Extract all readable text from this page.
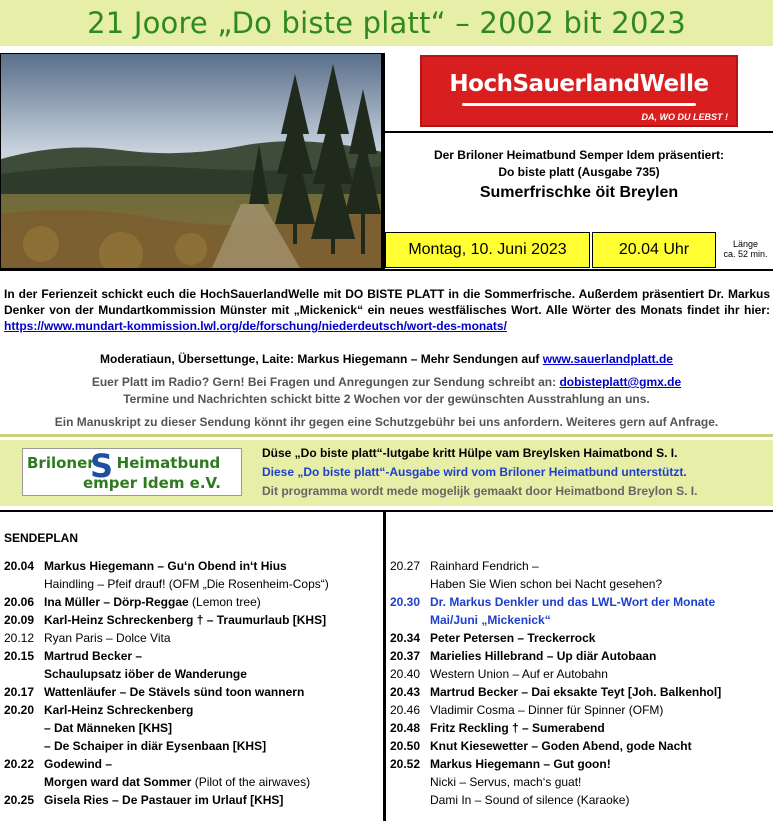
21 Joore „Do biste platt“ – 2002 bit 2023
HochSauerlandWelle
DA, WO DU LEBST !
Der Briloner Heimatbund Semper Idem präsentiert:
Do biste platt (Ausgabe 735)
Sumerfrischke öit Breylen
Montag, 10. Juni 2023	20.04 Uhr	Länge
ca. 52 min.
In der Ferienzeit schickt euch die HochSauerlandWelle mit DO BISTE PLATT in die Sommerfrische. Außerdem präsentiert Dr. Markus Denker von der Mundartkommission Münster mit „Mickenick“ ein neues westfälisches Wort. Alle Wörter des Monats findet ihr hier: https://www.mundart-kommission.lwl.org/de/forschung/niederdeutsch/wort-des-monats/
Moderatiaun, Übersettunge, Laite: Markus Hiegemann – Mehr Sendungen auf www.sauerlandplatt.de
Euer Platt im Radio? Gern! Bei Fragen und Anregungen zur Sendung schreibt an: dobisteplatt@gmx.de
Termine und Nachrichten schickt bitte 2 Wochen vor der gewünschten Ausstrahlung an uns.
Ein Manuskript zu dieser Sendung könnt ihr gegen eine Schutzgebühr bei uns anfordern. Weiteres gern auf Anfrage.
Briloner Heimatbund
S
emper Idem e.V.
Düse „Do biste platt“-lutgabe kritt Hülpe vam Breylsken Haimatbond S. I.
Diese „Do biste platt“-Ausgabe wird vom Briloner Heimatbund unterstützt.
Dit programma wordt mede mogelijk gemaakt door Heimatbond Breylon S. I.
SENDEPLAN
20.04 Markus Hiegemann – Gu‘n Obend in‘t Hius
Haindling – Pfeif drauf! (OFM „Die Rosenheim-Cops“)
20.06 Ina Müller – Dörp-Reggae (Lemon tree)
20.09 Karl-Heinz Schreckenberg † – Traumurlaub [KHS]
20.12 Ryan Paris – Dolce Vita
20.15 Martrud Becker –
Schaulupsatz iöber de Wanderunge
20.17 Wattenläufer – De Stävels sünd toon wannern
20.20 Karl-Heinz Schreckenberg
– Dat Männeken [KHS]
– De Schaiper in diär Eysenbaan [KHS]
20.22 Godewind –
Morgen ward dat Sommer (Pilot of the airwaves)
20.25 Gisela Ries – De Pastauer im Urlauf [KHS]
20.27 Rainhard Fendrich –
Haben Sie Wien schon bei Nacht gesehen?
20.30 Dr. Markus Denkler und das LWL-Wort der Monate
Mai/Juni „Mickenick“
20.34 Peter Petersen – Treckerrock
20.37 Marielies Hillebrand – Up diär Autobaan
20.40 Western Union – Auf er Autobahn
20.43 Martrud Becker – Dai eksakte Teyt [Joh. Balkenhol]
20.46 Vladimir Cosma – Dinner für Spinner (OFM)
20.48 Fritz Reckling † – Sumerabend
20.50 Knut Kiesewetter – Goden Abend, gode Nacht
20.52 Markus Hiegemann – Gut goon!
Nicki – Servus, mach‘s guat!
Dami In – Sound of silence (Karaoke)
